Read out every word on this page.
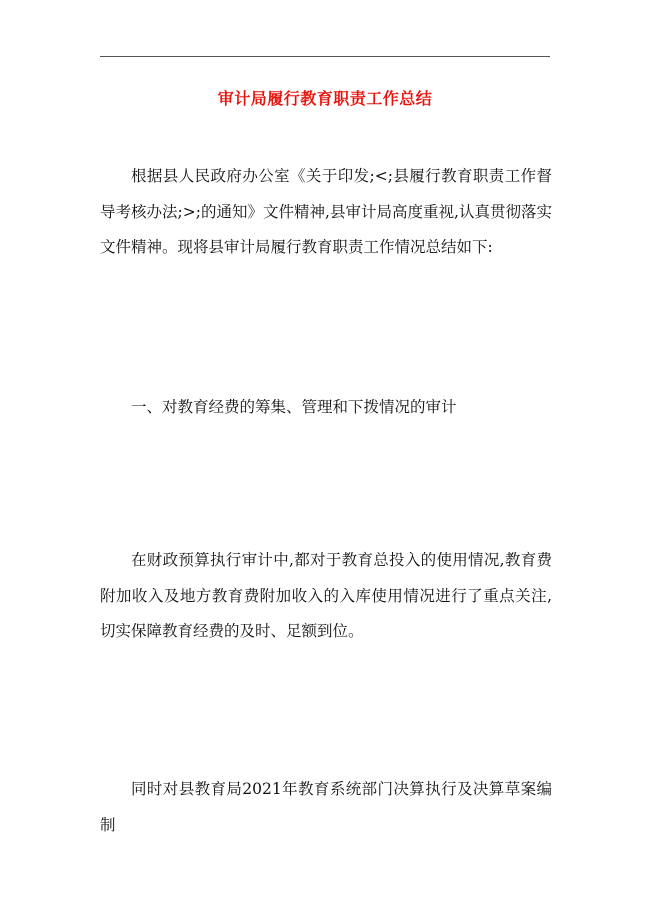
审计局履行教育职责工作总结

根据县人民政府办公室《关于印发;<;县履行教育职责工作督导考核办法;>;的通知》文件精神,县审计局高度重视,认真贯彻落实文件精神。现将县审计局履行教育职责工作情况总结如下:

一、对教育经费的筹集、管理和下拨情况的审计

在财政预算执行审计中,都对于教育总投入的使用情况,教育费附加收入及地方教育费附加收入的入库使用情况进行了重点关注,切实保障教育经费的及时、足额到位。

同时对县教育局2021年教育系统部门决算执行及决算草案编制
